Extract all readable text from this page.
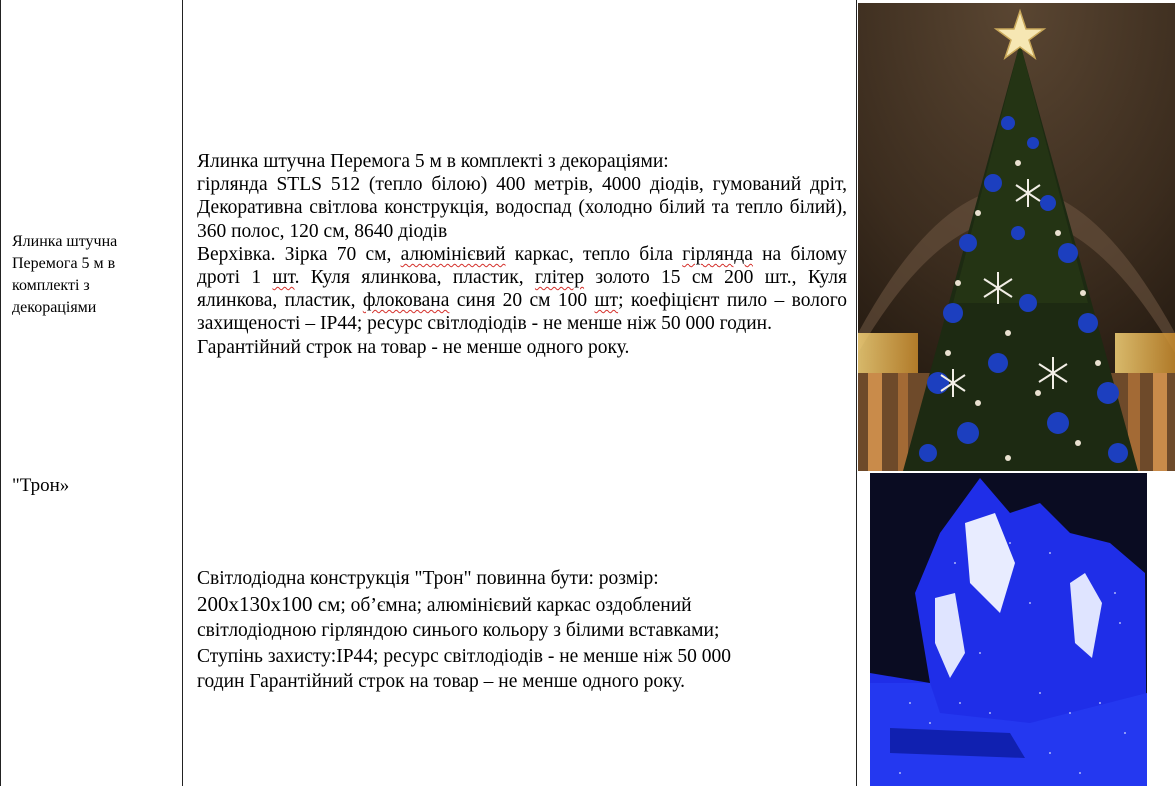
Ялинка штучна Перемога 5 м в комплекті з декораціями

Ялинка штучна Перемога 5 м в комплекті з декораціями:

гірлянда STLS 512 (тепло білою) 400 метрів, 4000 діодів, гумований дріт, Декоративна світлова конструкція, водоспад (холодно білий та тепло білий), 360 полос, 120 см, 8640 діодів

Верхівка. Зірка 70 см, алюмінієвий каркас, тепло біла гірлянда на білому дроті 1 шт. Куля ялинкова, пластик, глітер золото 15 см 200 шт., Куля ялинкова, пластик, флокована синя 20 см 100 шт; коефіцієнт пило – волого захищеності – IP44; ресурс світлодіодів - не менше ніж 50 000 годин.

Гарантійний строк на товар - не менше одного року.

"Трон»

Світлодіодна конструкція "Трон" повинна бути: розмір:

200х130х100 см; об’ємна; алюмінієвий каркас оздоблений

світлодіодною гірляндою синього кольору з білими вставками;

Ступінь захисту:IP44; ресурс світлодіодів - не менше ніж 50 000

годин Гарантійний строк на товар – не менше одного року.
